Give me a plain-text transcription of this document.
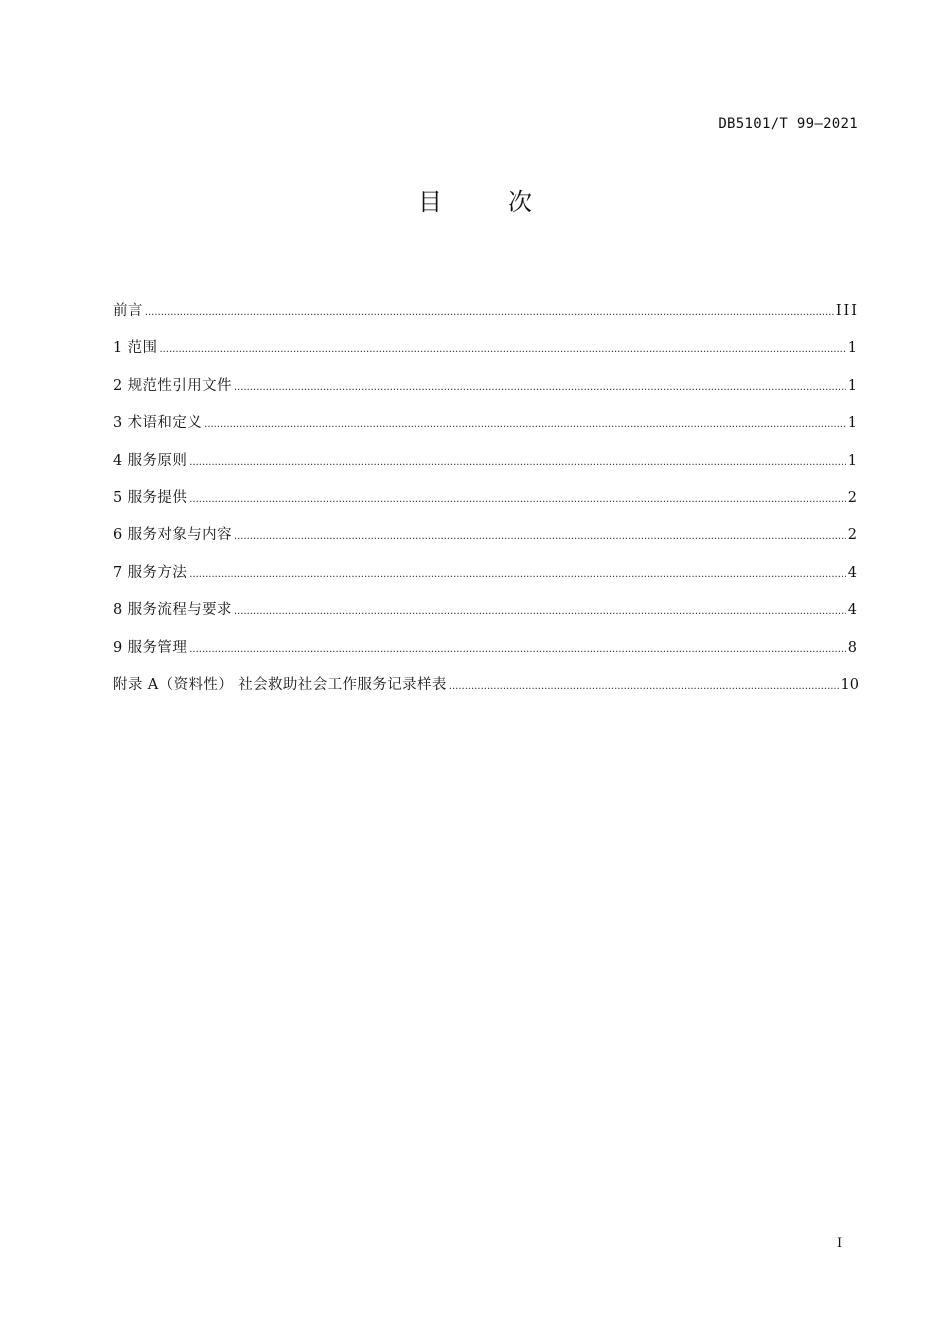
DB5101/T 99—2021
目	次
前言 .....	III
1 范围 .....	1
2 规范性引用文件 .....	1
3 术语和定义 .....	1
4 服务原则 .....	1
5 服务提供 .....	2
6 服务对象与内容 .....	2
7 服务方法 .....	4
8 服务流程与要求 .....	4
9 服务管理 .....	8
附录 A（资料性） 社会救助社会工作服务记录样表 .....	10
I
